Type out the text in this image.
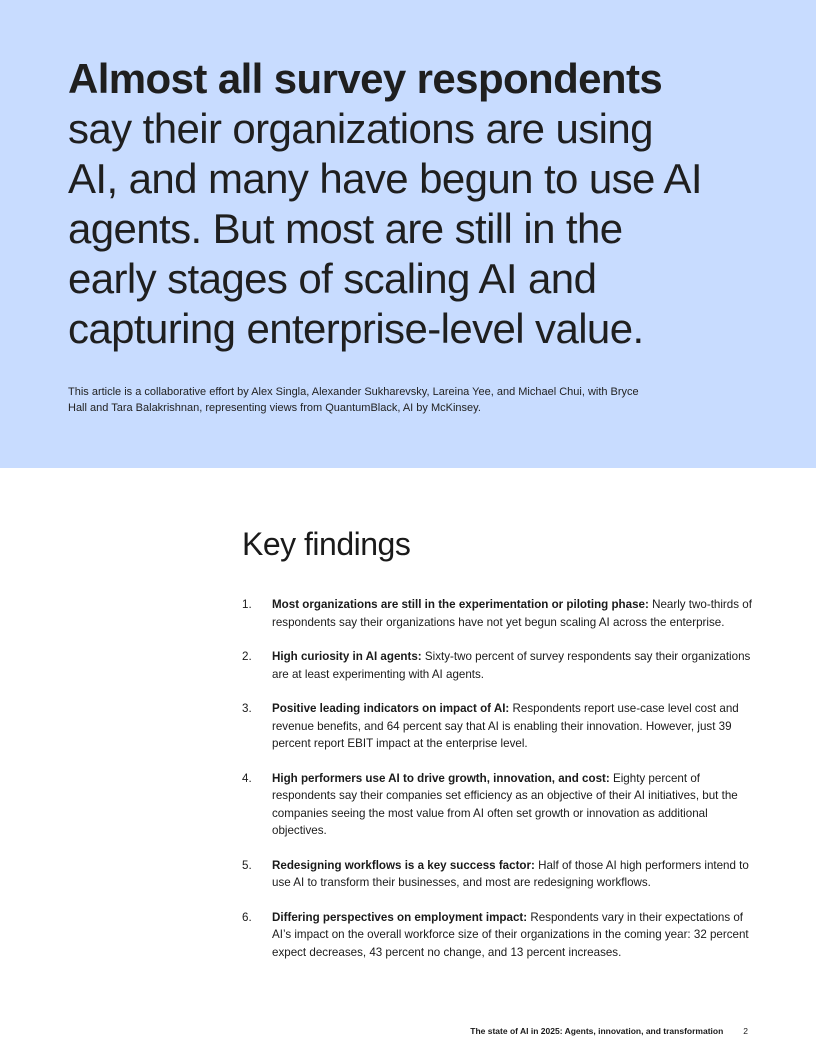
Almost all survey respondents say their organizations are using AI, and many have begun to use AI agents. But most are still in the early stages of scaling AI and capturing enterprise-level value.

This article is a collaborative effort by Alex Singla, Alexander Sukharevsky, Lareina Yee, and Michael Chui, with Bryce Hall and Tara Balakrishnan, representing views from QuantumBlack, AI by McKinsey.

Key findings
1. Most organizations are still in the experimentation or piloting phase: Nearly two-thirds of respondents say their organizations have not yet begun scaling AI across the enterprise.
2. High curiosity in AI agents: Sixty-two percent of survey respondents say their organizations are at least experimenting with AI agents.
3. Positive leading indicators on impact of AI: Respondents report use-case level cost and revenue benefits, and 64 percent say that AI is enabling their innovation. However, just 39 percent report EBIT impact at the enterprise level.
4. High performers use AI to drive growth, innovation, and cost: Eighty percent of respondents say their companies set efficiency as an objective of their AI initiatives, but the companies seeing the most value from AI often set growth or innovation as additional objectives.
5. Redesigning workflows is a key success factor: Half of those AI high performers intend to use AI to transform their businesses, and most are redesigning workflows.
6. Differing perspectives on employment impact: Respondents vary in their expectations of AI’s impact on the overall workforce size of their organizations in the coming year: 32 percent expect decreases, 43 percent no change, and 13 percent increases.
The state of AI in 2025: Agents, innovation, and transformation 2
